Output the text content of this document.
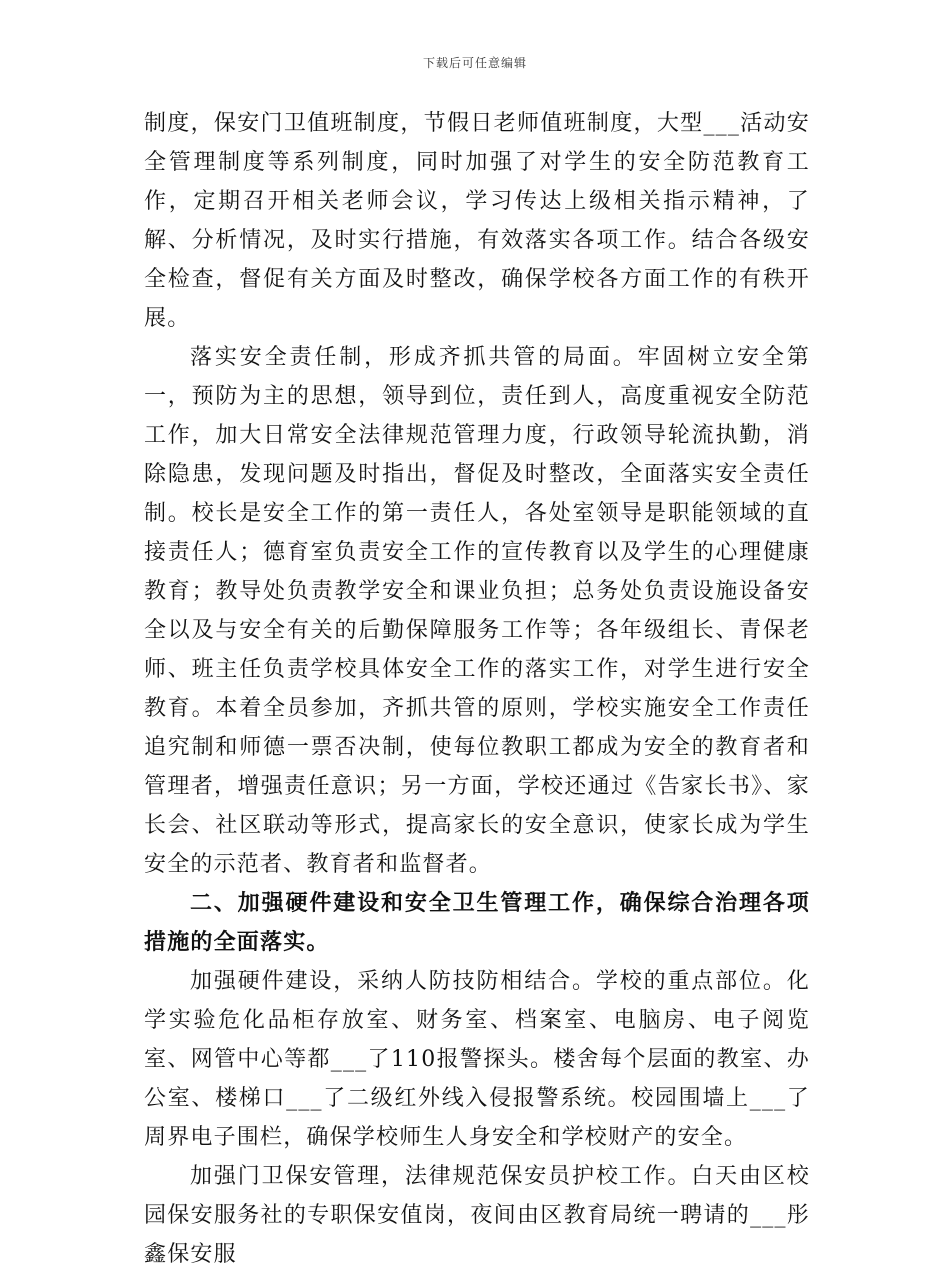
下载后可任意编辑

制度，保安门卫值班制度，节假日老师值班制度，大型___活动安全管理制度等系列制度，同时加强了对学生的安全防范教育工作，定期召开相关老师会议，学习传达上级相关指示精神，了解、分析情况，及时实行措施，有效落实各项工作。结合各级安全检查，督促有关方面及时整改，确保学校各方面工作的有秩开展。

落实安全责任制，形成齐抓共管的局面。牢固树立安全第一，预防为主的思想，领导到位，责任到人，高度重视安全防范工作，加大日常安全法律规范管理力度，行政领导轮流执勤，消除隐患，发现问题及时指出，督促及时整改，全面落实安全责任制。校长是安全工作的第一责任人，各处室领导是职能领域的直接责任人；德育室负责安全工作的宣传教育以及学生的心理健康教育；教导处负责教学安全和课业负担；总务处负责设施设备安全以及与安全有关的后勤保障服务工作等；各年级组长、青保老师、班主任负责学校具体安全工作的落实工作，对学生进行安全教育。本着全员参加，齐抓共管的原则，学校实施安全工作责任追究制和师德一票否决制，使每位教职工都成为安全的教育者和管理者，增强责任意识；另一方面，学校还通过《告家长书》、家长会、社区联动等形式，提高家长的安全意识，使家长成为学生安全的示范者、教育者和监督者。

二、加强硬件建设和安全卫生管理工作，确保综合治理各项措施的全面落实。

加强硬件建设，采纳人防技防相结合。学校的重点部位。化学实验危化品柜存放室、财务室、档案室、电脑房、电子阅览室、网管中心等都___了110报警探头。楼舍每个层面的教室、办公室、楼梯口___了二级红外线入侵报警系统。校园围墙上___了周界电子围栏，确保学校师生人身安全和学校财产的安全。

加强门卫保安管理，法律规范保安员护校工作。白天由区校园保安服务社的专职保安值岗，夜间由区教育局统一聘请的___彤鑫保安服
